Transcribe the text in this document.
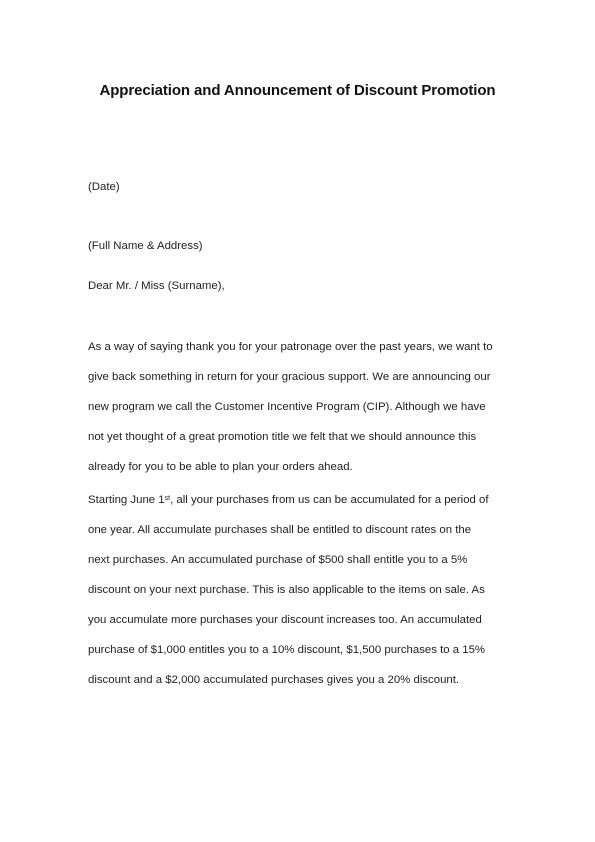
Appreciation and Announcement of Discount Promotion
(Date)
(Full Name & Address)
Dear Mr. / Miss (Surname),
As a way of saying thank you for your patronage over the past years, we want to
give back something in return for your gracious support. We are announcing our
new program we call the Customer Incentive Program (CIP). Although we have
not yet thought of a great promotion title we felt that we should announce this
already for you to be able to plan your orders ahead.
Starting June 1st, all your purchases from us can be accumulated for a period of
one year. All accumulate purchases shall be entitled to discount rates on the
next purchases. An accumulated purchase of $500 shall entitle you to a 5%
discount on your next purchase. This is also applicable to the items on sale. As
you accumulate more purchases your discount increases too. An accumulated
purchase of $1,000 entitles you to a 10% discount, $1,500 purchases to a 15%
discount and a $2,000 accumulated purchases gives you a 20% discount.
